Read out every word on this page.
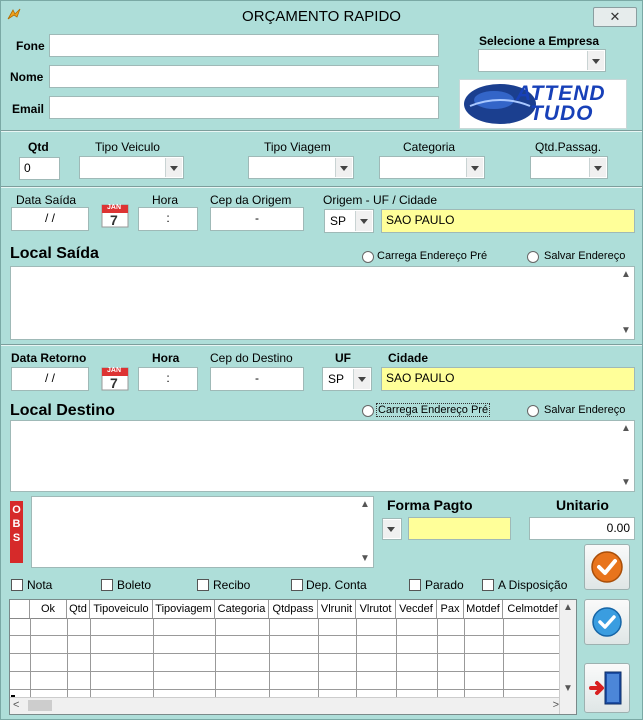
ORÇAMENTO RAPIDO	✕
Fone
Nome
Email
Selecione a Empresa
ATTEND
TUDO
Qtd
0
Tipo Veiculo	Tipo Viagem	Categoria	Qtd.Passag.
Data Saída
/ /
JAN
7
Hora
:
Cep da Origem
-
Origem - UF / Cidade
SP	SAO PAULO
Local Saída	Carrega Endereço Pré	Salvar Endereço
▲
▼
Data Retorno
/ /
JAN
7
Hora
:
Cep do Destino
-
UF
SP
Cidade
SAO PAULO
Local Destino	Carrega Endereço Pré	Salvar Endereço
▲
▼
O
B
S
▲
▼
Forma Pagto	Unitario
0.00
Nota	Boleto	Recibo	Dep. Conta	Parado	A Disposição
Ok	Qtd Tipoveiculo Tipoviagem Categoria Qtdpass Vlrunit Vlrutot Vecdef Pax Motdef Celmotdef
<	>
▲
▼
